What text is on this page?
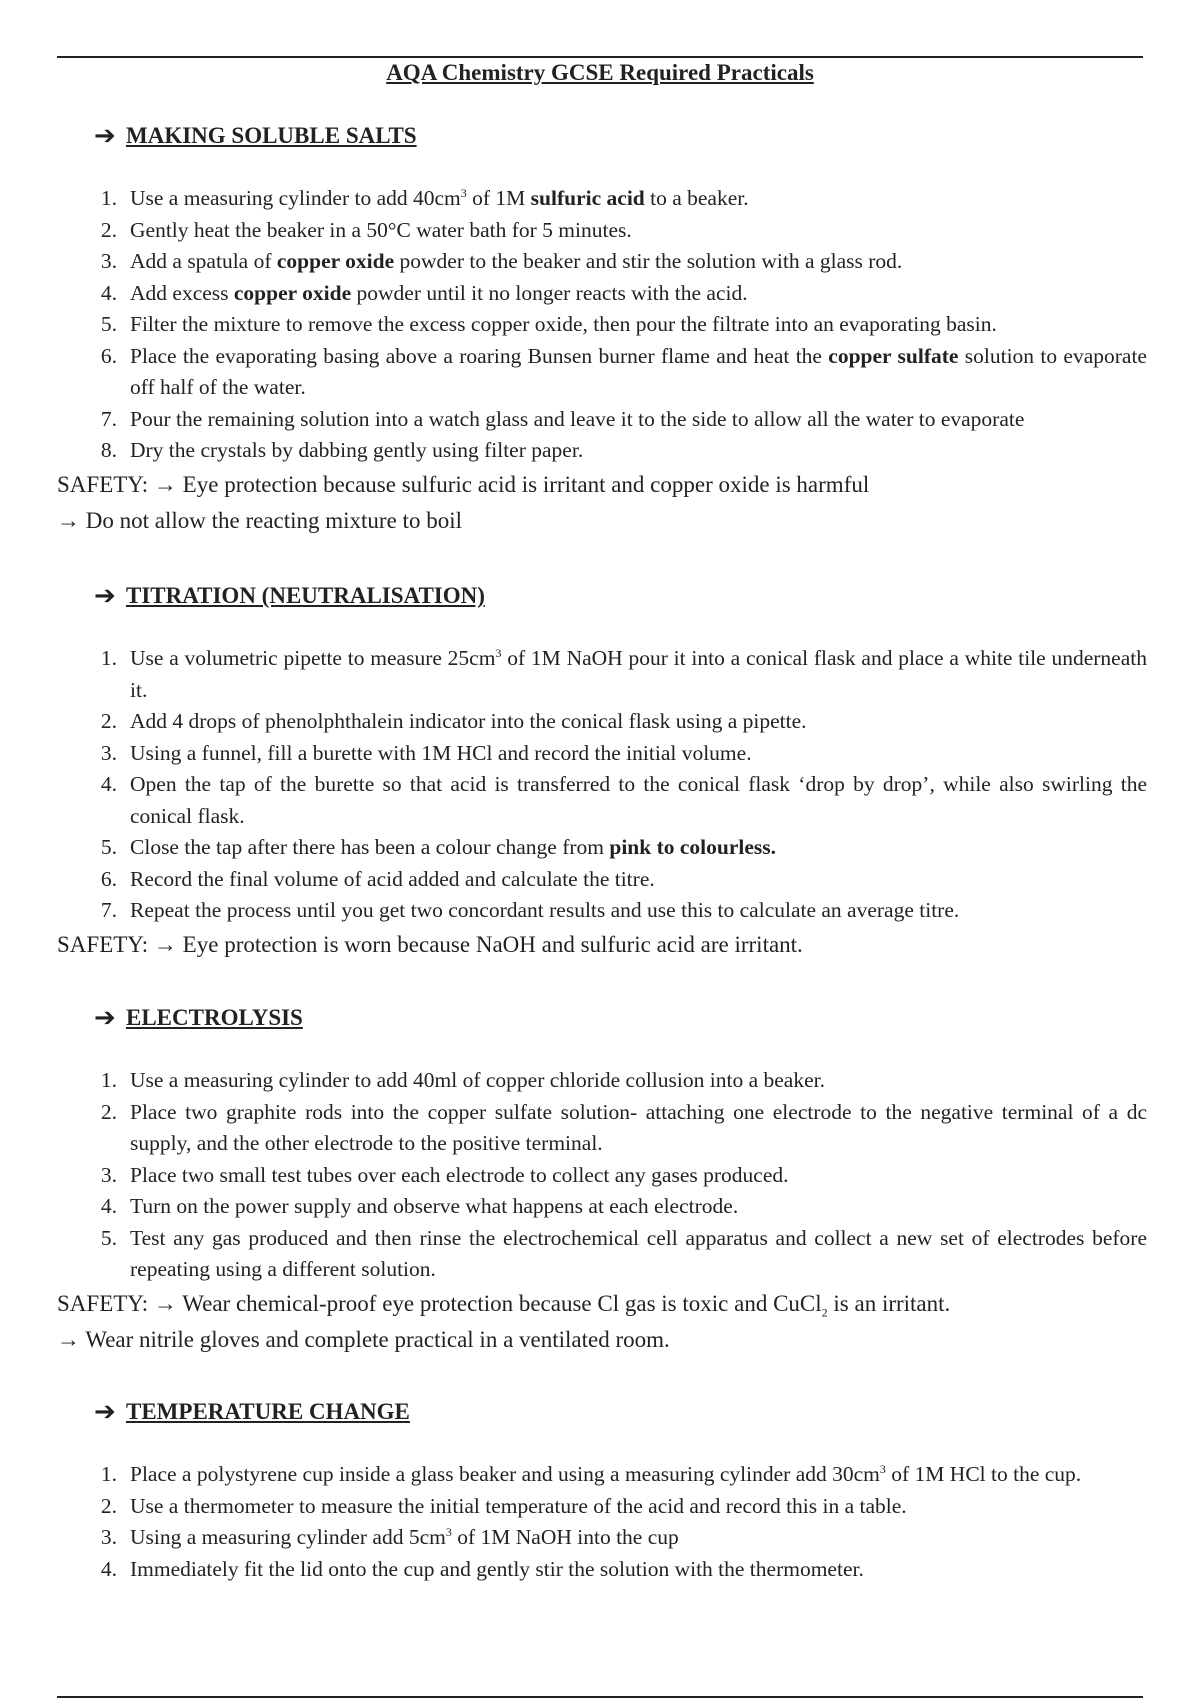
AQA Chemistry GCSE Required Practicals
➔ MAKING SOLUBLE SALTS
1. Use a measuring cylinder to add $40cm^3$ of 1M sulfuric acid to a beaker.
2. Gently heat the beaker in a 50°C water bath for 5 minutes.
3. Add a spatula of copper oxide powder to the beaker and stir the solution with a glass rod.
4. Add excess copper oxide powder until it no longer reacts with the acid.
5. Filter the mixture to remove the excess copper oxide, then pour the filtrate into an evaporating basin.
6. Place the evaporating basing above a roaring Bunsen burner flame and heat the copper sulfate solution to evaporate off half of the water.
7. Pour the remaining solution into a watch glass and leave it to the side to allow all the water to evaporate
8. Dry the crystals by dabbing gently using filter paper.
SAFETY: → Eye protection because sulfuric acid is irritant and copper oxide is harmful
→ Do not allow the reacting mixture to boil
➔ TITRATION (NEUTRALISATION)
1. Use a volumetric pipette to measure $25cm^3$ of 1M NaOH pour it into a conical flask and place a white tile underneath it.
2. Add 4 drops of phenolphthalein indicator into the conical flask using a pipette.
3. Using a funnel, fill a burette with 1M HCl and record the initial volume.
4. Open the tap of the burette so that acid is transferred to the conical flask ‘drop by drop’, while also swirling the conical flask.
5. Close the tap after there has been a colour change from pink to colourless.
6. Record the final volume of acid added and calculate the titre.
7. Repeat the process until you get two concordant results and use this to calculate an average titre.
SAFETY: → Eye protection is worn because NaOH and sulfuric acid are irritant.
➔ ELECTROLYSIS
1. Use a measuring cylinder to add 40ml of copper chloride collusion into a beaker.
2. Place two graphite rods into the copper sulfate solution- attaching one electrode to the negative terminal of a dc supply, and the other electrode to the positive terminal.
3. Place two small test tubes over each electrode to collect any gases produced.
4. Turn on the power supply and observe what happens at each electrode.
5. Test any gas produced and then rinse the electrochemical cell apparatus and collect a new set of electrodes before repeating using a different solution.
SAFETY: → Wear chemical-proof eye protection because Cl gas is toxic and CuCl$_2$ is an irritant.
→ Wear nitrile gloves and complete practical in a ventilated room.
➔ TEMPERATURE CHANGE
1. Place a polystyrene cup inside a glass beaker and using a measuring cylinder add $30cm^3$ of 1M HCl to the cup.
2. Use a thermometer to measure the initial temperature of the acid and record this in a table.
3. Using a measuring cylinder add $5cm^3$ of 1M NaOH into the cup
4. Immediately fit the lid onto the cup and gently stir the solution with the thermometer.
